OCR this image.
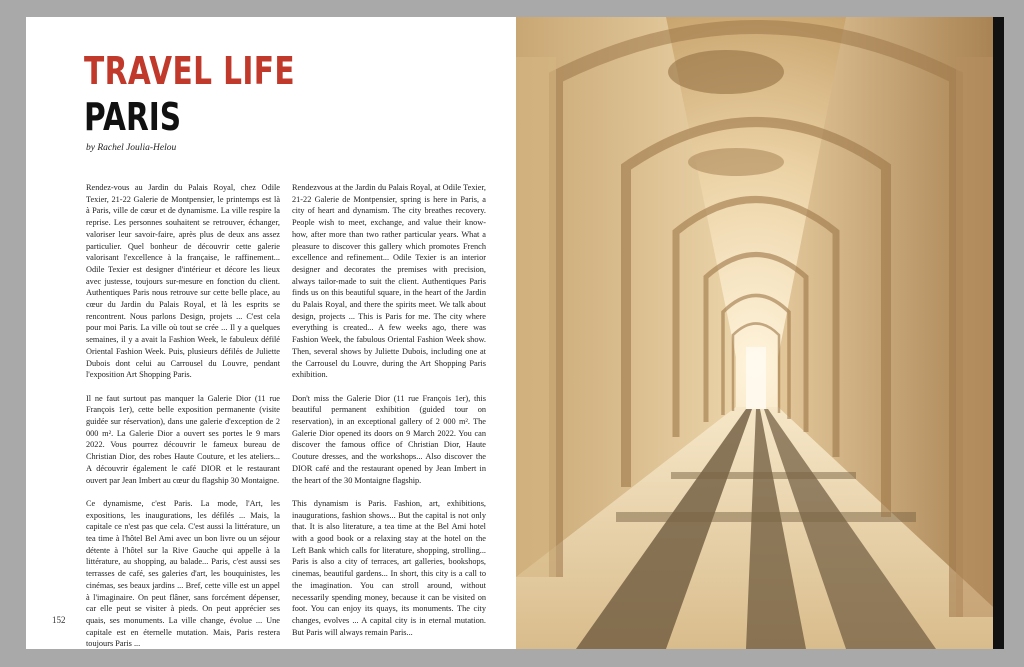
TRAVEL LIFE
PARIS
by Rachel Joulia-Helou

Rendez-vous au Jardin du Palais Royal, chez Odile Texier, 21-22 Galerie de Montpensier, le printemps est là à Paris, ville de cœur et de dynamisme. La ville respire la reprise. Les personnes souhaitent se retrouver, échanger, valoriser leur savoir-faire, après plus de deux ans assez particulier. Quel bonheur de découvrir cette galerie valorisant l'excellence à la française, le raffinement... Odile Texier est designer d'intérieur et décore les lieux avec justesse, toujours sur-mesure en fonction du client. Authentiques Paris nous retrouve sur cette belle place, au cœur du Jardin du Palais Royal, et là les esprits se rencontrent. Nous parlons Design, projets ... C'est cela pour moi Paris. La ville où tout se crée ... Il y a quelques semaines, il y a avait la Fashion Week, le fabuleux défilé Oriental Fashion Week. Puis, plusieurs défilés de Juliette Dubois dont celui au Carrousel du Louvre, pendant l'exposition Art Shopping Paris.

Il ne faut surtout pas manquer la Galerie Dior (11 rue François 1er), cette belle exposition permanente (visite guidée sur réservation), dans une galerie d'exception de 2 000 m². La Galerie Dior a ouvert ses portes le 9 mars 2022. Vous pourrez découvrir le fameux bureau de Christian Dior, des robes Haute Couture, et les ateliers... A découvrir également le café DIOR et le restaurant ouvert par Jean Imbert au cœur du flagship 30 Montaigne.

Ce dynamisme, c'est Paris. La mode, l'Art, les expositions, les inaugurations, les défilés ... Mais, la capitale ce n'est pas que cela. C'est aussi la littérature, un tea time à l'hôtel Bel Ami avec un bon livre ou un séjour détente à l'hôtel sur la Rive Gauche qui appelle à la littérature, au shopping, au balade... Paris, c'est aussi ses terrasses de café, ses galeries d'art, les bouquinistes, les cinémas, ses beaux jardins ... Bref, cette ville est un appel à l'imaginaire. On peut flâner, sans forcément dépenser, car elle peut se visiter à pieds. On peut apprécier ses quais, ses monuments. La ville change, évolue ... Une capitale est en éternelle mutation. Mais, Paris restera toujours Paris ...

Rendezvous at the Jardin du Palais Royal, at Odile Texier, 21-22 Galerie de Montpensier, spring is here in Paris, a city of heart and dynamism. The city breathes recovery. People wish to meet, exchange, and value their know-how, after more than two rather particular years. What a pleasure to discover this gallery which promotes French excellence and refinement... Odile Texier is an interior designer and decorates the premises with precision, always tailor-made to suit the client. Authentiques Paris finds us on this beautiful square, in the heart of the Jardin du Palais Royal, and there the spirits meet. We talk about design, projects ... This is Paris for me. The city where everything is created... A few weeks ago, there was Fashion Week, the fabulous Oriental Fashion Week show. Then, several shows by Juliette Dubois, including one at the Carrousel du Louvre, during the Art Shopping Paris exhibition.

Don't miss the Galerie Dior (11 rue François 1er), this beautiful permanent exhibition (guided tour on reservation), in an exceptional gallery of 2 000 m². The Galerie Dior opened its doors on 9 March 2022. You can discover the famous office of Christian Dior, Haute Couture dresses, and the workshops... Also discover the DIOR café and the restaurant opened by Jean Imbert in the heart of the 30 Montaigne flagship.

This dynamism is Paris. Fashion, art, exhibitions, inaugurations, fashion shows... But the capital is not only that. It is also literature, a tea time at the Bel Ami hotel with a good book or a relaxing stay at the hotel on the Left Bank which calls for literature, shopping, strolling... Paris is also a city of terraces, art galleries, bookshops, cinemas, beautiful gardens... In short, this city is a call to the imagination. You can stroll around, without necessarily spending money, because it can be visited on foot. You can enjoy its quays, its monuments. The city changes, evolves ... A capital city is in eternal mutation. But Paris will always remain Paris...

152
